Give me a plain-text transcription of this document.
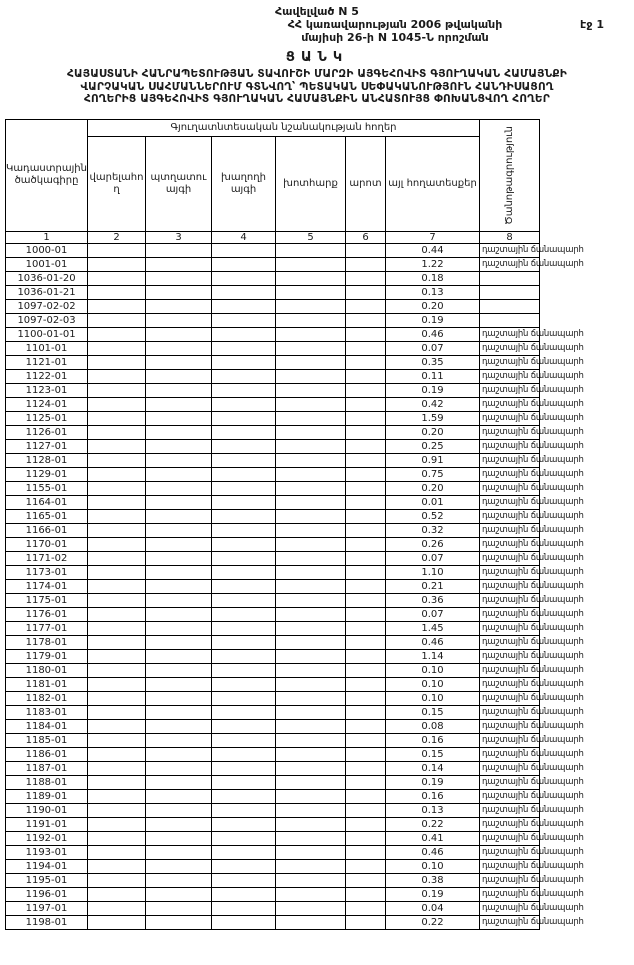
Հավելված N 5
ՀՀ կառավարության 2006 թվականի
մայիսի 26-ի N 1045-Ն որոշման
էջ 1
ՑԱՆԿ
ՀԱՅԱՍՏԱՆԻ ՀԱՆՐԱՊԵՏՈՒԹՅԱՆ ՏԱՎՈՒՇԻ ՄԱՐԶԻ ԱՅԳԵՀՈՎԻՏ ԳՅՈՒՂԱԿԱՆ ՀԱՄԱՅՆՔԻ
ՎԱՐՉԱԿԱՆ ՍԱՀՄԱՆՆԵՐՈՒՄ ԳՏՆՎՈՂ՝ ՊԵՏԱԿԱՆ ՍԵՓԱԿԱՆՈՒԹՅՈՒՆ ՀԱՆԴԻՍԱՑՈՂ
ՀՈՂԵՐԻՑ ԱՅԳԵՀՈՎԻՏ ԳՅՈՒՂԱԿԱՆ ՀԱՄԱՅՆՔԻՆ ԱՆՀԱՏՈՒՅՑ ՓՈԽԱՆՑՎՈՂ ՀՈՂԵՐ
Կադաստրային ծածկագիրը	Գյուղատնտեսական նշանակության հողեր						Ծանոթագրություն

	վարելահող	պտղատու այգի	խաղողի այգի	խոտհարք	արոտ	այլ հողատեսքեր	
1	2	3	4	5	6	7	8
1000-01						0.44	դաշտային ճանապարհ
1001-01						1.22	դաշտային ճանապարհ
1036-01-20						0.18	
1036-01-21						0.13	
1097-02-02						0.20	
1097-02-03						0.19	
1100-01-01						0.46	դաշտային ճանապարհ
1101-01						0.07	դաշտային ճանապարհ
1121-01						0.35	դաշտային ճանապարհ
1122-01						0.11	դաշտային ճանապարհ
1123-01						0.19	դաշտային ճանապարհ
1124-01						0.42	դաշտային ճանապարհ
1125-01						1.59	դաշտային ճանապարհ
1126-01						0.20	դաշտային ճանապարհ
1127-01						0.25	դաշտային ճանապարհ
1128-01						0.91	դաշտային ճանապարհ
1129-01						0.75	դաշտային ճանապարհ
1155-01						0.20	դաշտային ճանապարհ
1164-01						0.01	դաշտային ճանապարհ
1165-01						0.52	դաշտային ճանապարհ
1166-01						0.32	դաշտային ճանապարհ
1170-01						0.26	դաշտային ճանապարհ
1171-02						0.07	դաշտային ճանապարհ
1173-01						1.10	դաշտային ճանապարհ
1174-01						0.21	դաշտային ճանապարհ
1175-01						0.36	դաշտային ճանապարհ
1176-01						0.07	դաշտային ճանապարհ
1177-01						1.45	դաշտային ճանապարհ
1178-01						0.46	դաշտային ճանապարհ
1179-01						1.14	դաշտային ճանապարհ
1180-01						0.10	դաշտային ճանապարհ
1181-01						0.10	դաշտային ճանապարհ
1182-01						0.10	դաշտային ճանապարհ
1183-01						0.15	դաշտային ճանապարհ
1184-01						0.08	դաշտային ճանապարհ
1185-01						0.16	դաշտային ճանապարհ
1186-01						0.15	դաշտային ճանապարհ
1187-01						0.14	դաշտային ճանապարհ
1188-01						0.19	դաշտային ճանապարհ
1189-01						0.16	դաշտային ճանապարհ
1190-01						0.13	դաշտային ճանապարհ
1191-01						0.22	դաշտային ճանապարհ
1192-01						0.41	դաշտային ճանապարհ
1193-01						0.46	դաշտային ճանապարհ
1194-01						0.10	դաշտային ճանապարհ
1195-01						0.38	դաշտային ճանապարհ
1196-01						0.19	դաշտային ճանապարհ
1197-01						0.04	դաշտային ճանապարհ
1198-01						0.22	դաշտային ճանապարհ
